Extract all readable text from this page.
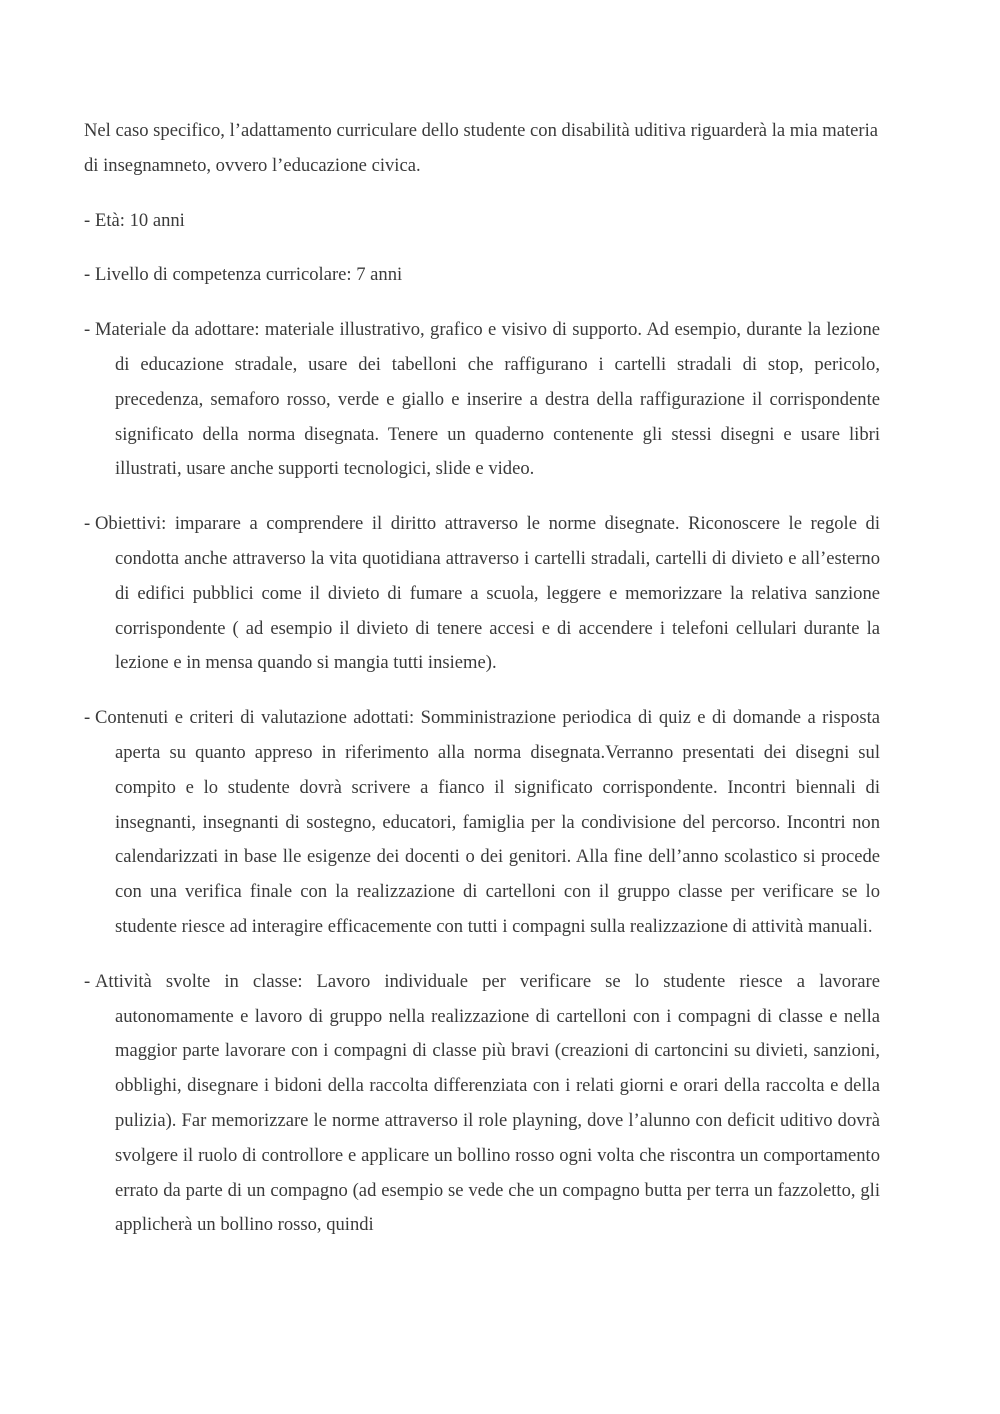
Nel caso specifico, l’adattamento curriculare dello studente con disabilità uditiva riguarderà la mia materia di insegnamneto, ovvero l’educazione civica.

- Età: 10 anni

- Livello di competenza curricolare: 7 anni

- Materiale da adottare: materiale illustrativo, grafico e visivo di supporto. Ad esempio, durante la lezione di educazione stradale, usare dei tabelloni che raffigurano i cartelli stradali di stop, pericolo, precedenza, semaforo rosso, verde e giallo e inserire a destra della raffigurazione il corrispondente significato della norma disegnata. Tenere un quaderno contenente gli stessi disegni e usare libri illustrati, usare anche supporti tecnologici, slide e video.

- Obiettivi: imparare a comprendere il diritto attraverso le norme disegnate. Riconoscere le regole di condotta anche attraverso la vita quotidiana attraverso i cartelli stradali, cartelli di divieto e all’esterno di edifici pubblici come il divieto di fumare a scuola, leggere e memorizzare la relativa sanzione corrispondente ( ad esempio il divieto di tenere accesi e di accendere i telefoni cellulari durante la lezione e in mensa quando si mangia tutti insieme).

- Contenuti e criteri di valutazione adottati: Somministrazione periodica di quiz e di domande a risposta aperta su quanto appreso in riferimento alla norma disegnata.Verranno presentati dei disegni sul compito e lo studente dovrà scrivere a fianco il significato corrispondente. Incontri biennali di insegnanti, insegnanti di sostegno, educatori, famiglia per la condivisione del percorso. Incontri non calendarizzati in base lle esigenze dei docenti o dei genitori. Alla fine dell’anno scolastico si procede con una verifica finale con la realizzazione di cartelloni con il gruppo classe per verificare se lo studente riesce ad interagire efficacemente con tutti i compagni sulla realizzazione di attività manuali.

- Attività svolte in classe: Lavoro individuale per verificare se lo studente riesce a lavorare autonomamente e lavoro di gruppo nella realizzazione di cartelloni con i compagni di classe e nella maggior parte lavorare con i compagni di classe più bravi (creazioni di cartoncini su divieti, sanzioni, obblighi, disegnare i bidoni della raccolta differenziata con i relati giorni e orari della raccolta e della pulizia). Far memorizzare le norme attraverso il role playning, dove l’alunno con deficit uditivo dovrà svolgere il ruolo di controllore e applicare un bollino rosso ogni volta che riscontra un comportamento errato da parte di un compagno (ad esempio se vede che un compagno butta per terra un fazzoletto, gli applicherà un bollino rosso, quindi
